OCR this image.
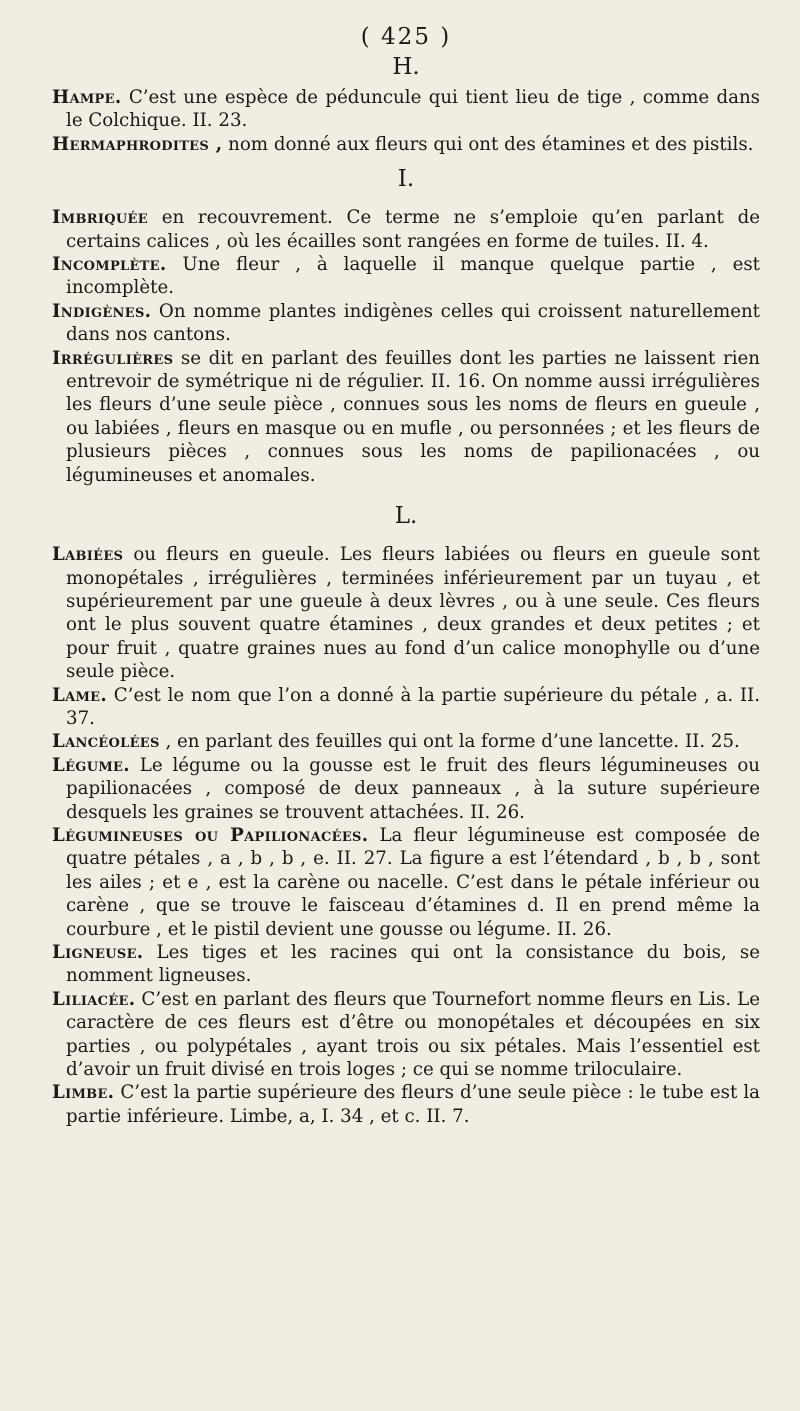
( 425 )

H.

Hampe. C’est une espèce de péduncule qui tient lieu de tige , comme dans le Colchique. II. 23.

Hermaphrodites , nom donné aux fleurs qui ont des étamines et des pistils.

I.

Imbriquée en recouvrement. Ce terme ne s’emploie qu’en parlant de certains calices , où les écailles sont rangées en forme de tuiles. II. 4.

Incomplète. Une fleur , à laquelle il manque quelque partie , est incomplète.

Indigènes. On nomme plantes indigènes celles qui croissent naturellement dans nos cantons.

Irrégulières se dit en parlant des feuilles dont les parties ne laissent rien entrevoir de symétrique ni de régulier. II. 16. On nomme aussi irrégulières les fleurs d’une seule pièce , connues sous les noms de fleurs en gueule , ou labiées , fleurs en masque ou en mufle , ou personnées ; et les fleurs de plusieurs pièces , connues sous les noms de papilionacées , ou légumineuses et anomales.

L.

Labiées ou fleurs en gueule. Les fleurs labiées ou fleurs en gueule sont monopétales , irrégulières , terminées inférieurement par un tuyau , et supérieurement par une gueule à deux lèvres , ou à une seule. Ces fleurs ont le plus souvent quatre étamines , deux grandes et deux petites ; et pour fruit , quatre graines nues au fond d’un calice monophylle ou d’une seule pièce.

Lame. C’est le nom que l’on a donné à la partie supérieure du pétale , a. II. 37.

Lancéolées , en parlant des feuilles qui ont la forme d’une lancette. II. 25.

Légume. Le légume ou la gousse est le fruit des fleurs légumineuses ou papilionacées , composé de deux panneaux , à la suture supérieure desquels les graines se trouvent attachées. II. 26.

Légumineuses ou Papilionacées. La fleur légumineuse est composée de quatre pétales , a , b , b , e. II. 27. La figure a est l’étendard , b , b , sont les ailes ; et e , est la carène ou nacelle. C’est dans le pétale inférieur ou carène , que se trouve le faisceau d’étamines d. Il en prend même la courbure , et le pistil devient une gousse ou légume. II. 26.

Ligneuse. Les tiges et les racines qui ont la consistance du bois, se nomment ligneuses.

Liliacée. C’est en parlant des fleurs que Tournefort nomme fleurs en Lis. Le caractère de ces fleurs est d’être ou monopétales et découpées en six parties , ou polypétales , ayant trois ou six pétales. Mais l’essentiel est d’avoir un fruit divisé en trois loges ; ce qui se nomme triloculaire.

Limbe. C’est la partie supérieure des fleurs d’une seule pièce : le tube est la partie inférieure. Limbe, a, I. 34 , et c. II. 7.
